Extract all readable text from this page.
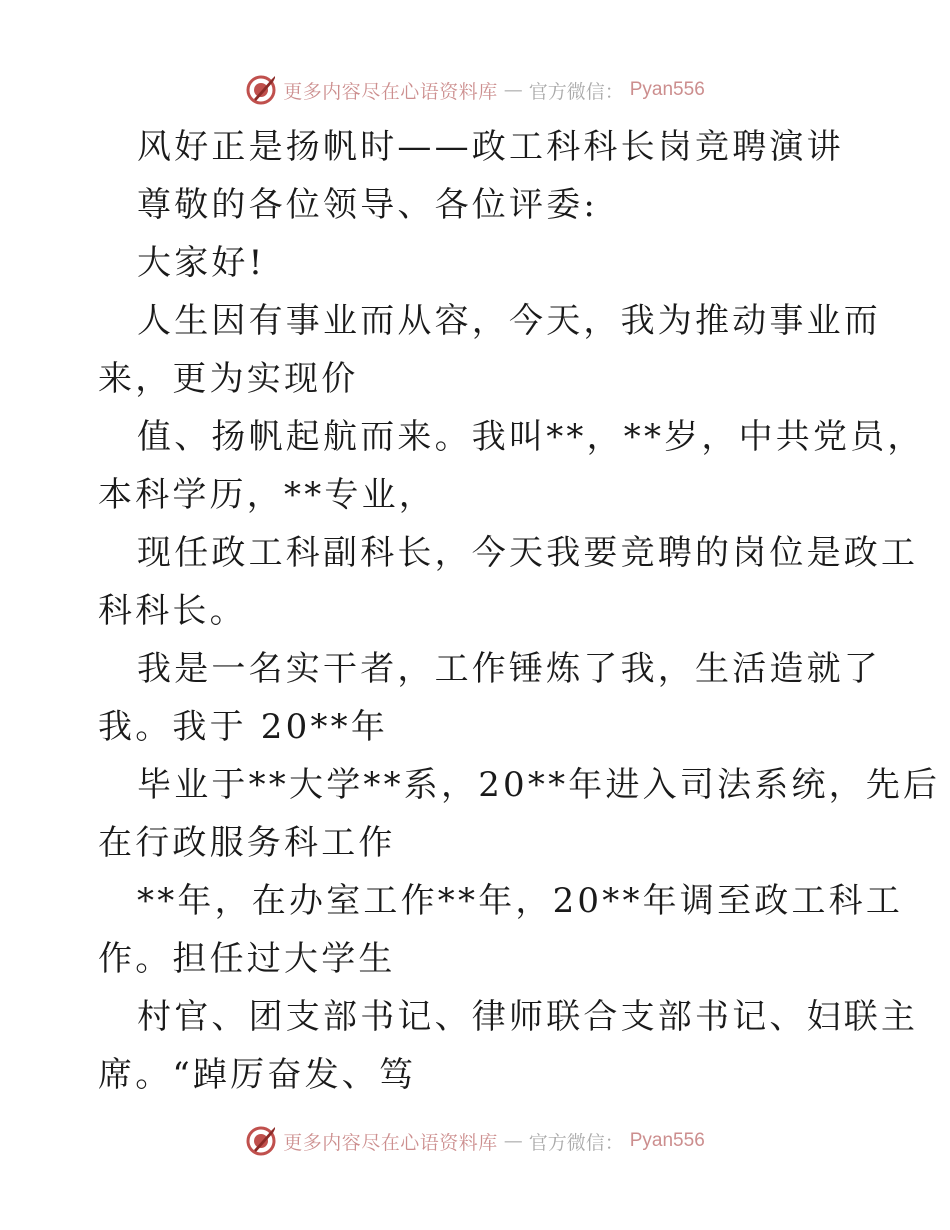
更多内容尽在心语资料库 — 官方微信： Pyan556
风好正是扬帆时——政工科科长岗竞聘演讲
尊敬的各位领导、各位评委:
大家好!
人生因有事业而从容，今天，我为推动事业而
来，更为实现价
值、扬帆起航而来。我叫**，**岁，中共党员，
本科学历，**专业，
现任政工科副科长，今天我要竞聘的岗位是政工
科科长。
我是一名实干者，工作锤炼了我，生活造就了
我。我于 20**年
毕业于**大学**系，20**年进入司法系统，先后
在行政服务科工作
**年，在办室工作**年，20**年调至政工科工
作。担任过大学生
村官、团支部书记、律师联合支部书记、妇联主
席。“踔厉奋发、笃
更多内容尽在心语资料库 — 官方微信： Pyan556
